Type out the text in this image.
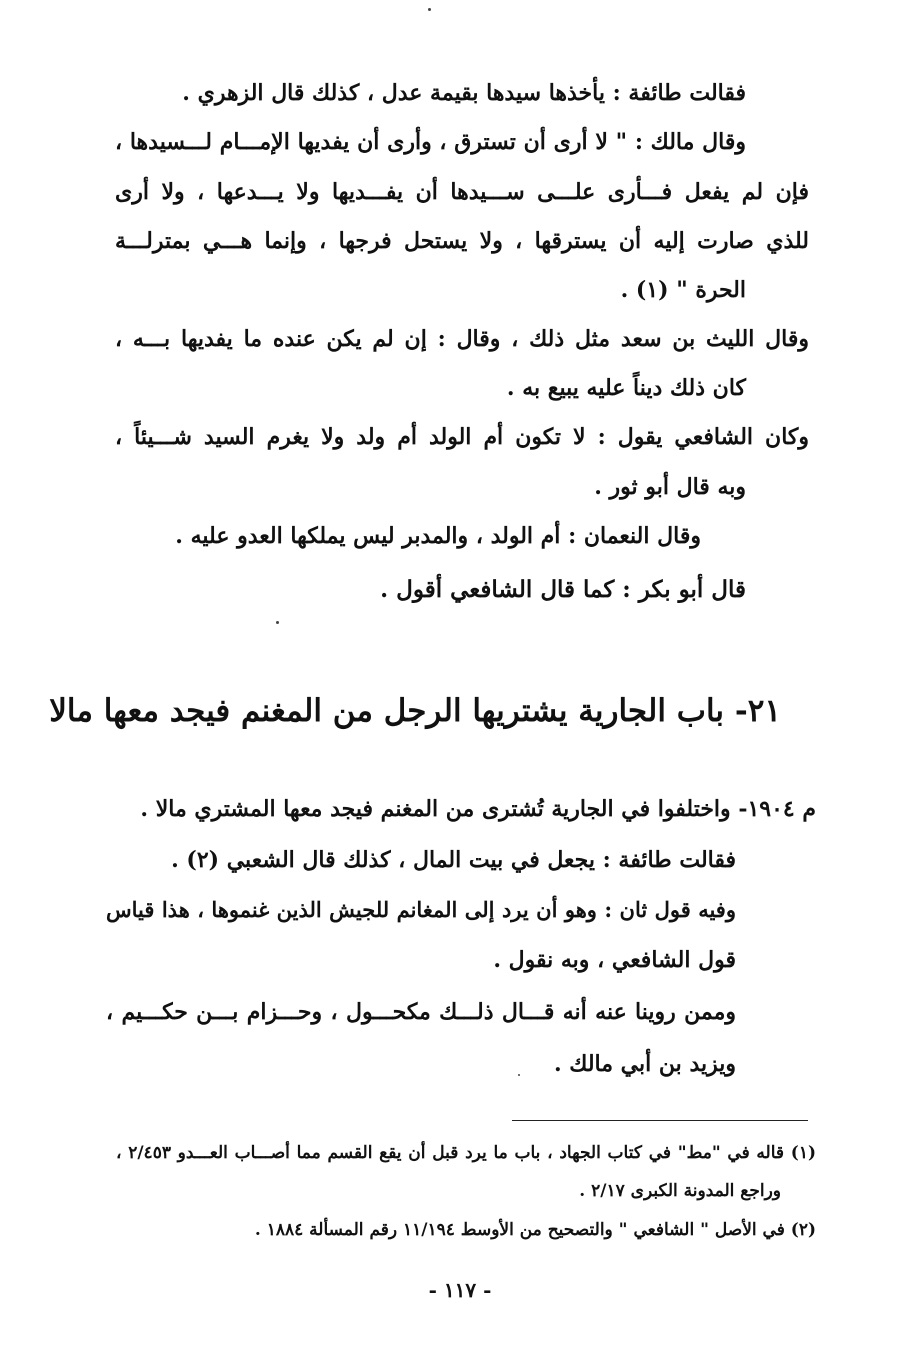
فقالت طائفة : يأخذها سيدها بقيمة عدل ، كذلك قال الزهري .
وقال مالك : " لا أرى أن تسترق ، وأرى أن يفديها الإمـــام لـــسيدها ،
فإن لم يفعل فـــأرى علـــى ســـيدها أن يفـــديها ولا يـــدعها ، ولا أرى
للذي صارت إليه أن يسترقها ، ولا يستحل فرجها ، وإنما هـــي بمترلـــة
الحرة " (١) .
وقال الليث بن سعد مثل ذلك ، وقال : إن لم يكن عنده ما يفديها بـــه ،
كان ذلك ديناً عليه يبيع به .
وكان الشافعي يقول : لا تكون أم الولد أم ولد ولا يغرم السيد شـــيئاً ،
وبه قال أبو ثور .
وقال النعمان : أم الولد ، والمدبر ليس يملكها العدو عليه .
قال أبو بكر : كما قال الشافعي أقول .
٢١- باب الجارية يشتريها الرجل من المغنم فيجد معها مالا
م ١٩٠٤- واختلفوا في الجارية تُشترى من المغنم فيجد معها المشتري مالا .
فقالت طائفة : يجعل في بيت المال ، كذلك قال الشعبي (٢) .
وفيه قول ثان : وهو أن يرد إلى المغانم للجيش الذين غنموها ، هذا قياس
قول الشافعي ، وبه نقول .
وممن روينا عنه أنه قـــال ذلـــك مكحـــول ، وحـــزام بـــن حكـــيم ،
ويزيد بن أبي مالك .
(١) قاله في "مط" في كتاب الجهاد ، باب ما يرد قبل أن يقع القسم مما أصـــاب العـــدو ٢/٤٥٣ ،
وراجع المدونة الكبرى ٢/١٧ .
(٢) في الأصل " الشافعي " والتصحيح من الأوسط ١١/١٩٤ رقم المسألة ١٨٨٤ .
- ١١٧ -
